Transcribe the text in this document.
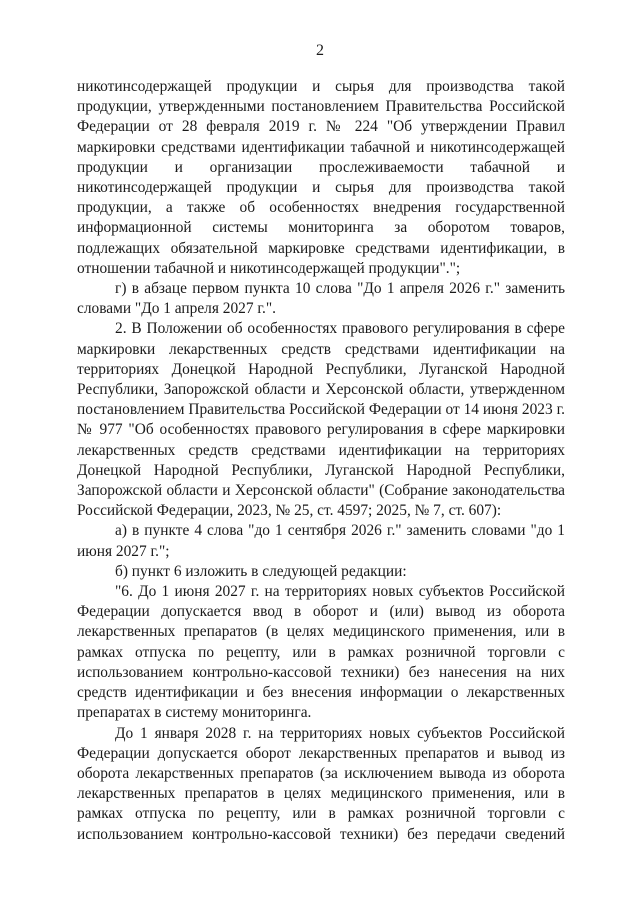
2

никотинсодержащей продукции и сырья для производства такой продукции, утвержденными постановлением Правительства Российской Федерации от 28 февраля 2019 г. № 224 "Об утверждении Правил маркировки средствами идентификации табачной и никотинсодержащей продукции и организации прослеживаемости табачной и никотинсодержащей продукции и сырья для производства такой продукции, а также об особенностях внедрения государственной информационной системы мониторинга за оборотом товаров, подлежащих обязательной маркировке средствами идентификации, в отношении табачной и никотинсодержащей продукции".";

г) в абзаце первом пункта 10 слова "До 1 апреля 2026 г." заменить словами "До 1 апреля 2027 г.".

2. В Положении об особенностях правового регулирования в сфере маркировки лекарственных средств средствами идентификации на территориях Донецкой Народной Республики, Луганской Народной Республики, Запорожской области и Херсонской области, утвержденном постановлением Правительства Российской Федерации от 14 июня 2023 г. № 977 "Об особенностях правового регулирования в сфере маркировки лекарственных средств средствами идентификации на территориях Донецкой Народной Республики, Луганской Народной Республики, Запорожской области и Херсонской области" (Собрание законодательства Российской Федерации, 2023, № 25, ст. 4597; 2025, № 7, ст. 607):

а) в пункте 4 слова "до 1 сентября 2026 г." заменить словами "до 1 июня 2027 г.";

б) пункт 6 изложить в следующей редакции:

"6. До 1 июня 2027 г. на территориях новых субъектов Российской Федерации допускается ввод в оборот и (или) вывод из оборота лекарственных препаратов (в целях медицинского применения, или в рамках отпуска по рецепту, или в рамках розничной торговли с использованием контрольно-кассовой техники) без нанесения на них средств идентификации и без внесения информации о лекарственных препаратах в систему мониторинга.

До 1 января 2028 г. на территориях новых субъектов Российской Федерации допускается оборот лекарственных препаратов и вывод из оборота лекарственных препаратов (за исключением вывода из оборота лекарственных препаратов в целях медицинского применения, или в рамках отпуска по рецепту, или в рамках розничной торговли с использованием контрольно-кассовой техники) без передачи сведений
